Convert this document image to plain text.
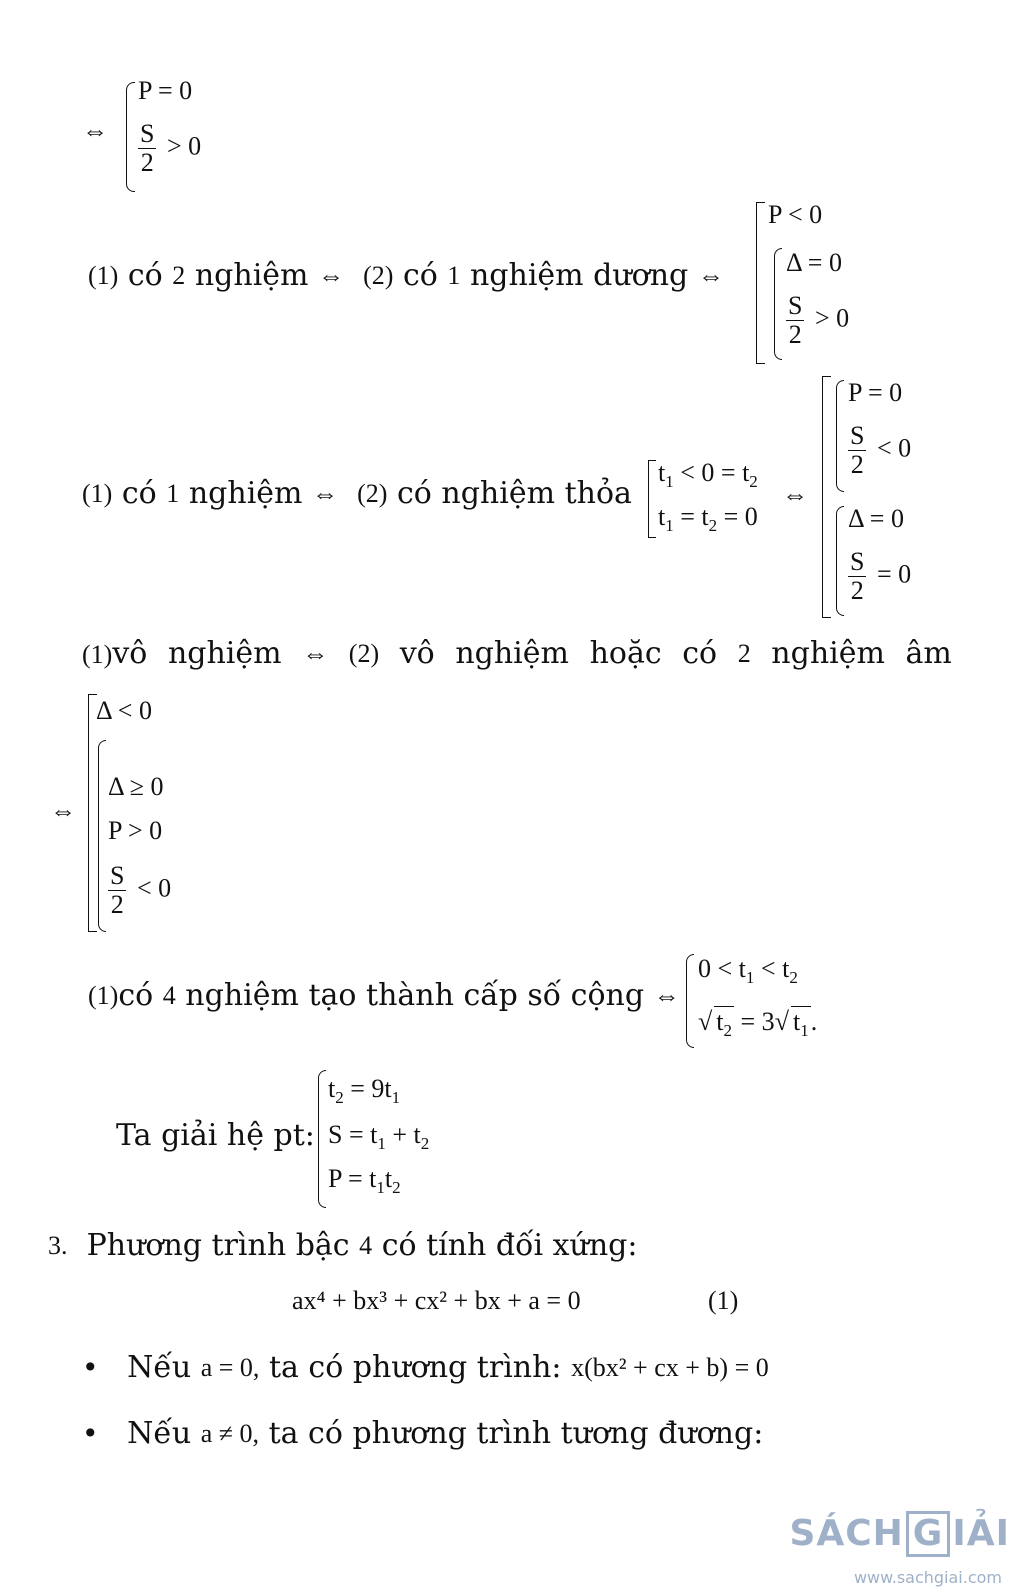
⇔
P = 0
$\frac{S}{2} > 0$
(1)
có
2
nghiệm
⇔
(2)
có
1
nghiệm dương
⇔
P < 0
Δ = 0
$\frac{S}{2} > 0$
(1)
có
1
nghiệm
⇔
(2)
có nghiệm thỏa
$t_1 < 0 = t_2$
$t_1 = t_2 = 0$
⇔
P = 0
$\frac{S}{2} < 0$
Δ = 0
$\frac{S}{2} = 0$
(1)vô nghiệm ⇔ (2) vô nghiệm hoặc có 2 nghiệm âm
⇔
Δ < 0
Δ ≥ 0
P > 0
$\frac{S}{2} < 0$
(1) có
4
nghiệm tạo thành cấp số cộng
⇔
$0 < t_1 < t_2$
√ $t_2 = 3√$ $t_1$.
Ta giải hệ pt:
$t_2 = 9t_1$
$S = t_1 + t_2$
$P = t_1t_2$
3.
Phương trình bậc
4
có tính đối xứng:
ax⁴ + bx³ + cx² + bx + a = 0	(1)
•
Nếu
a = 0,
ta có phương trình:
x(bx² + cx + b) = 0
•
Nếu
a ≠ 0,
ta có phương trình tương đương:
SÁCH G IẢI
www.sachgiai.com
